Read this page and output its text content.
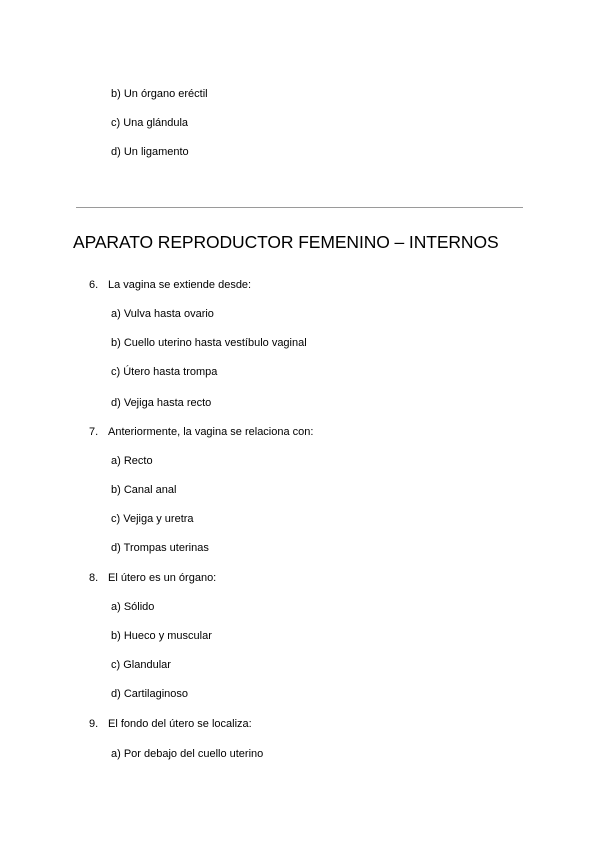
b) Un órgano eréctil
c) Una glándula
d) Un ligamento
APARATO REPRODUCTOR FEMENINO – INTERNOS
6. La vagina se extiende desde:
a) Vulva hasta ovario
b) Cuello uterino hasta vestíbulo vaginal
c) Útero hasta trompa
d) Vejiga hasta recto
7. Anteriormente, la vagina se relaciona con:
a) Recto
b) Canal anal
c) Vejiga y uretra
d) Trompas uterinas
8. El útero es un órgano:
a) Sólido
b) Hueco y muscular
c) Glandular
d) Cartilaginoso
9. El fondo del útero se localiza:
a) Por debajo del cuello uterino
